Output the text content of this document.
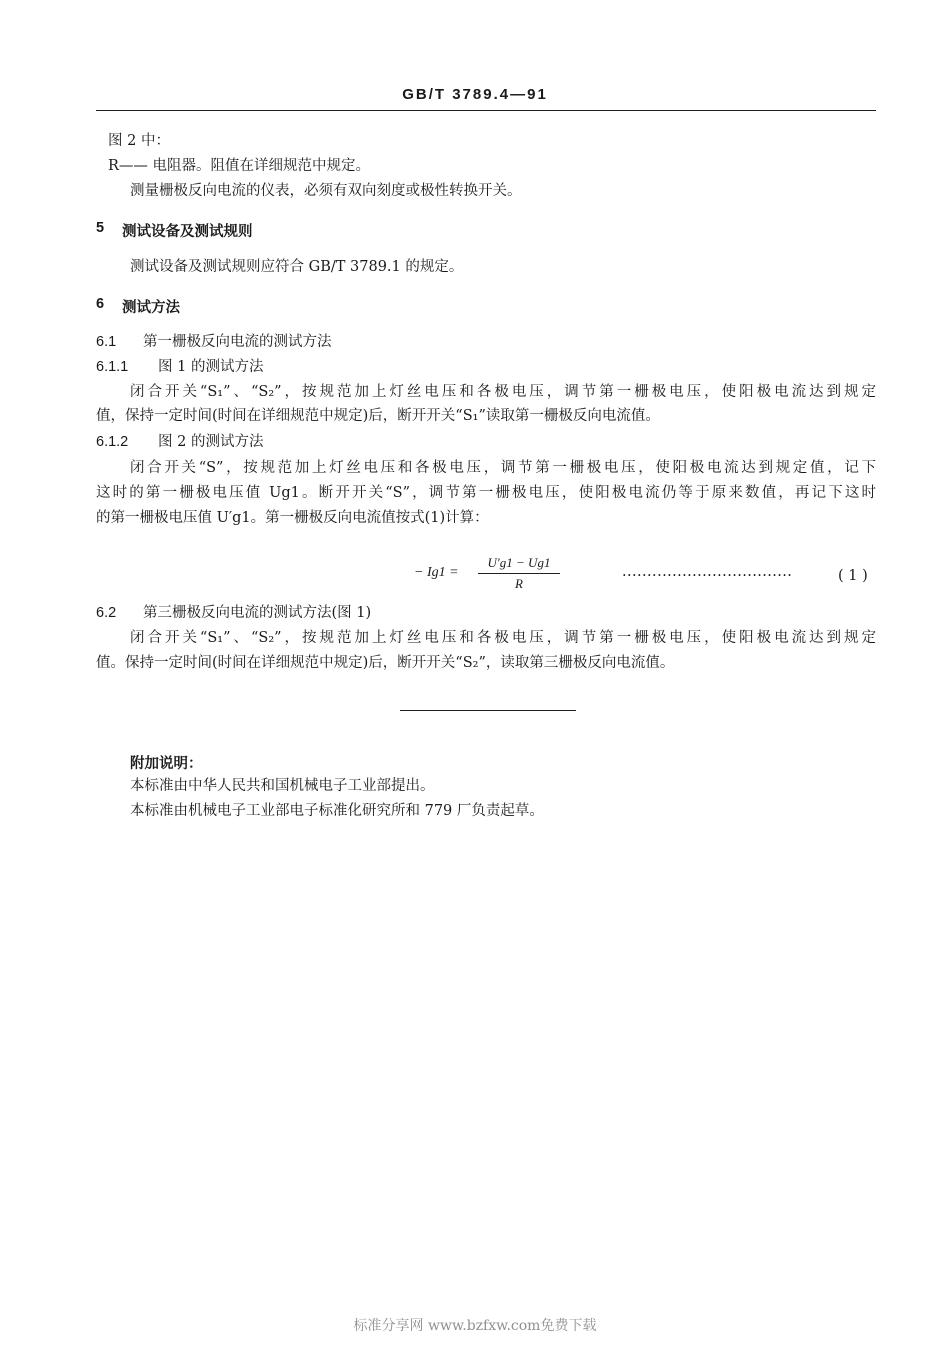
GB/T 3789.4—91
图 2 中：
R—— 电阻器。阻值在详细规范中规定。
测量栅极反向电流的仪表，必须有双向刻度或极性转换开关。
5 测试设备及测试规则
测试设备及测试规则应符合 GB/T 3789.1 的规定。
6 测试方法
6.1 第一栅极反向电流的测试方法
6.1.1 图 1 的测试方法
闭合开关“S₁”、“S₂”，按规范加上灯丝电压和各极电压，调节第一栅极电压，使阳极电流达到规定
值，保持一定时间(时间在详细规范中规定)后，断开开关“S₁”读取第一栅极反向电流值。
6.1.2 图 2 的测试方法
闭合开关“S”，按规范加上灯丝电压和各极电压，调节第一栅极电压，使阳极电流达到规定值，记下
这时的第一栅极电压值 Ug1。断开开关“S”，调节第一栅极电压，使阳极电流仍等于原来数值，再记下这时
的第一栅极电压值 U′g1。第一栅极反向电流值按式(1)计算：
− Ig1 =
U′g1 − Ug1
R	··································	( 1 )
6.2 第三栅极反向电流的测试方法(图 1)
闭合开关“S₁”、“S₂”，按规范加上灯丝电压和各极电压，调节第一栅极电压，使阳极电流达到规定
值。保持一定时间(时间在详细规范中规定)后，断开开关“S₂”，读取第三栅极反向电流值。
附加说明：
本标准由中华人民共和国机械电子工业部提出。
本标准由机械电子工业部电子标准化研究所和 779 厂负责起草。
标准分享网 www.bzfxw.com免费下载
